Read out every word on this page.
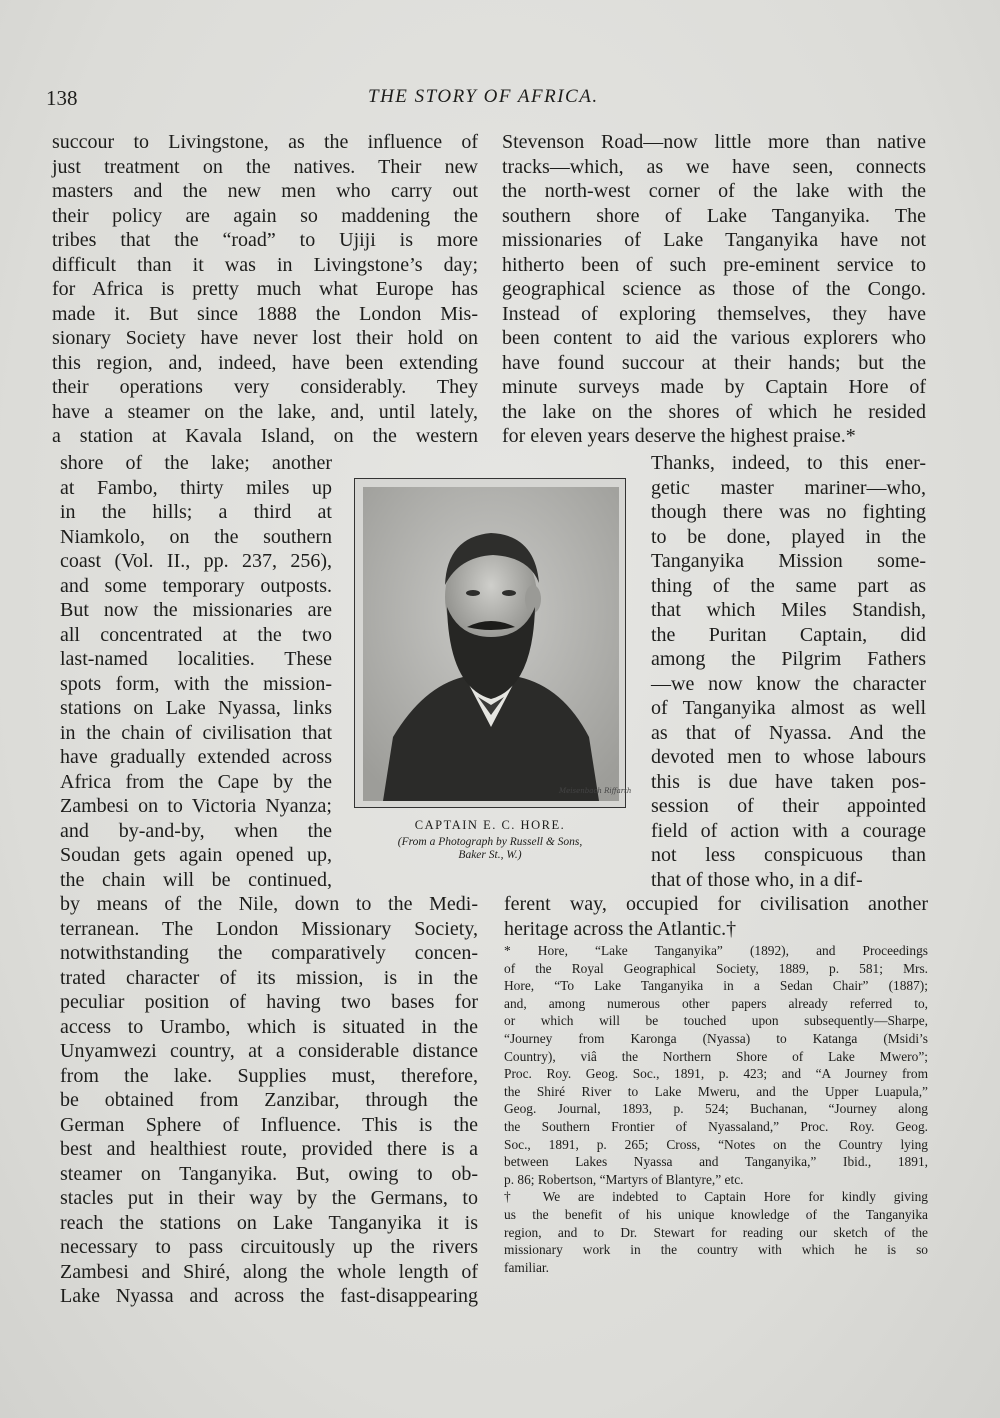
138	THE STORY OF AFRICA.
succour to Livingstone, as the influence of
just treatment on the natives. Their new
masters and the new men who carry out
their policy are again so maddening the
tribes that the “road” to Ujiji is more
difficult than it was in Livingstone’s day;
for Africa is pretty much what Europe has
made it. But since 1888 the London Mis-
sionary Society have never lost their hold on
this region, and, indeed, have been extending
their operations very considerably. They
have a steamer on the lake, and, until lately,
a station at Kavala Island, on the western
shore of the lake; another
at Fambo, thirty miles up
in the hills; a third at
Niamkolo, on the southern
coast (Vol. II., pp. 237, 256),
and some temporary outposts.
But now the missionaries are
all concentrated at the two
last-named localities. These
spots form, with the mission-
stations on Lake Nyassa, links
in the chain of civilisation that
have gradually extended across
Africa from the Cape by the
Zambesi on to Victoria Nyanza;
and by-and-by, when the
Soudan gets again opened up,
the chain will be continued,
by means of the Nile, down to the Medi-
terranean. The London Missionary Society,
notwithstanding the comparatively concen-
trated character of its mission, is in the
peculiar position of having two bases for
access to Urambo, which is situated in the
Unyamwezi country, at a considerable distance
from the lake. Supplies must, therefore,
be obtained from Zanzibar, through the
German Sphere of Influence. This is the
best and healthiest route, provided there is a
steamer on Tanganyika. But, owing to ob-
stacles put in their way by the Germans, to
reach the stations on Lake Tanganyika it is
necessary to pass circuitously up the rivers
Zambesi and Shiré, along the whole length of
Lake Nyassa and across the fast-disappearing
Stevenson Road—now little more than native
tracks—which, as we have seen, connects
the north-west corner of the lake with the
southern shore of Lake Tanganyika. The
missionaries of Lake Tanganyika have not
hitherto been of such pre-eminent service to
geographical science as those of the Congo.
Instead of exploring themselves, they have
been content to aid the various explorers who
have found succour at their hands; but the
minute surveys made by Captain Hore of
the lake on the shores of which he resided
for eleven years deserve the highest praise.*
Thanks, indeed, to this ener-
getic master mariner—who,
though there was no fighting
to be done, played in the
Tanganyika Mission some-
thing of the same part as
that which Miles Standish,
the Puritan Captain, did
among the Pilgrim Fathers
—we now know the character
of Tanganyika almost as well
as that of Nyassa. And the
devoted men to whose labours
this is due have taken pos-
session of their appointed
field of action with a courage
not less conspicuous than
that of those who, in a dif-
ferent way, occupied for civilisation another
heritage across the Atlantic.†
* Hore, “Lake Tanganyika” (1892), and Proceedings
of the Royal Geographical Society, 1889, p. 581; Mrs.
Hore, “To Lake Tanganyika in a Sedan Chair” (1887);
and, among numerous other papers already referred to,
or which will be touched upon subsequently—Sharpe,
“Journey from Karonga (Nyassa) to Katanga (Msidi’s
Country), viâ the Northern Shore of Lake Mwero”;
Proc. Roy. Geog. Soc., 1891, p. 423; and “A Journey from
the Shiré River to Lake Mweru, and the Upper Luapula,”
Geog. Journal, 1893, p. 524; Buchanan, “Journey along
the Southern Frontier of Nyassaland,” Proc. Roy. Geog.
Soc., 1891, p. 265; Cross, “Notes on the Country lying
between Lakes Nyassa and Tanganyika,” Ibid., 1891,
p. 86; Robertson, “Martyrs of Blantyre,” etc.
† We are indebted to Captain Hore for kindly giving
us the benefit of his unique knowledge of the Tanganyika
region, and to Dr. Stewart for reading our sketch of the
missionary work in the country with which he is so
familiar.
Meisenbach Riffarth
CAPTAIN E. C. HORE.
(From a Photograph by Russell & Sons,
Baker St., W.)
